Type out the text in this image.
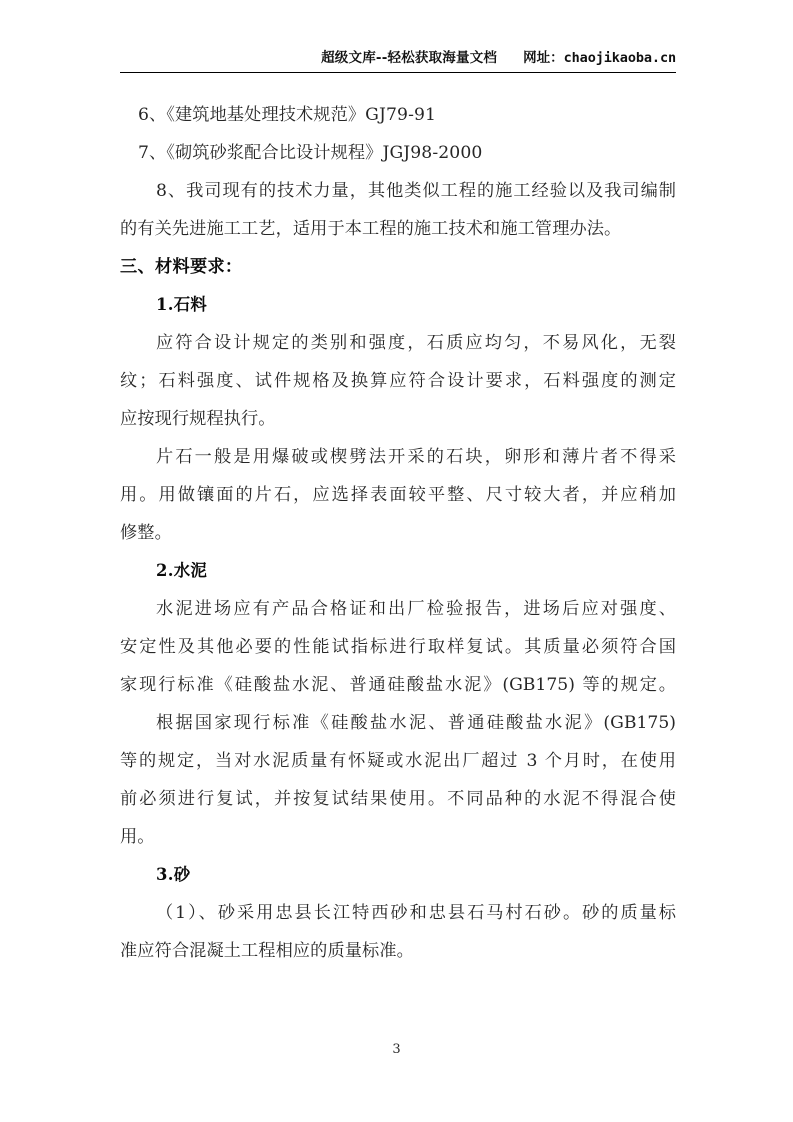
超级文库--轻松获取海量文档 网址： chaojikaoba.cn
6、《建筑地基处理技术规范》GJ79-91
7、《砌筑砂浆配合比设计规程》JGJ98-2000
8、我司现有的技术力量，其他类似工程的施工经验以及我司编制
的有关先进施工工艺，适用于本工程的施工技术和施工管理办法。
三、材料要求：
1.石料
应符合设计规定的类别和强度，石质应均匀，不易风化，无裂
纹；石料强度、试件规格及换算应符合设计要求，石料强度的测定
应按现行规程执行。
片石一般是用爆破或楔劈法开采的石块，卵形和薄片者不得采
用。用做镶面的片石，应选择表面较平整、尺寸较大者，并应稍加
修整。
2.水泥
水泥进场应有产品合格证和出厂检验报告，进场后应对强度、
安定性及其他必要的性能试指标进行取样复试。其质量必须符合国
家现行标准《硅酸盐水泥、普通硅酸盐水泥》(GB175) 等的规定。
根据国家现行标准《硅酸盐水泥、普通硅酸盐水泥》(GB175)
等的规定，当对水泥质量有怀疑或水泥出厂超过 3 个月时，在使用
前必须进行复试，并按复试结果使用。不同品种的水泥不得混合使
用。
3.砂
（1）、砂采用忠县长江特西砂和忠县石马村石砂。砂的质量标
准应符合混凝土工程相应的质量标准。
3
